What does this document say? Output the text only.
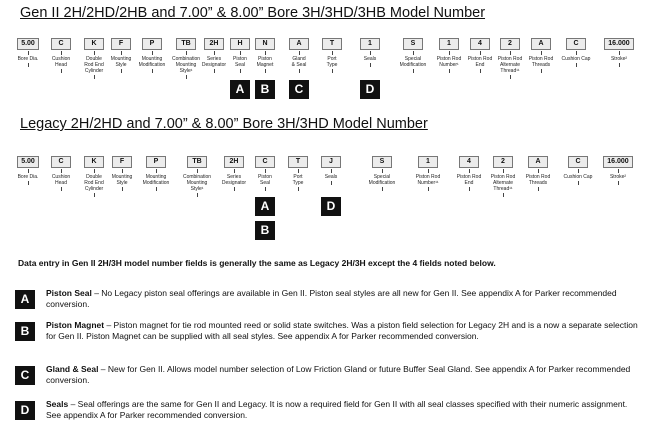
Gen II 2H/2HD/2HB and 7.00” & 8.00” Bore 3H/3HD/3HB Model Number
5.00
Bore Dia.
C
Cushion
Head
K
Double
Rod End
Cylinder
F
Mounting
Style
P
Mounting
Modification
TB
Combination
Mounting
Style¹
2H
Series
Designator
H
Piston
Seal
N
Piston
Magnet
A
Gland
& Seal
T
Port
Type
1
Seals
S
Special
Modification
1
Piston Rod
Number¹
4
Piston Rod
End
2
Piston Rod
Alternate
Thread¹¹
A
Piston Rod
Threads
C
Cushion Cap
16.000
Stroke²
A	B	C	D
Legacy 2H/2HD and 7.00” & 8.00” Bore 3H/3HD Model Number
5.00
Bore Dia.
C
Cushion
Head
K
Double
Rod End
Cylinder
F
Mounting
Style
P
Mounting
Modification
TB
Combination
Mounting
Style¹
2H
Series
Designator
C
Piston
Seal
T
Port
Type
J
Seals
S
Special
Modification
1
Piston Rod
Number¹¹
4
Piston Rod
End
2
Piston Rod
Alternate
Thread¹¹
A
Piston Rod
Threads
C
Cushion Cap
16.000
Stroke²
A	D
B
Data entry in Gen II 2H/3H model number fields is generally the same as Legacy 2H/3H except the 4 fields noted below.
A	Piston Seal – No Legacy piston seal offerings are available in Gen II. Piston seal styles are all new for Gen II. See appendix A for Parker recommended conversion.
B	Piston Magnet – Piston magnet for tie rod mounted reed or solid state switches. Was a piston field selection for Legacy 2H and is a now a separate selection for Gen II. Piston Magnet can be supplied with all seal styles. See appendix A for Parker recommended conversion.
C	Gland & Seal – New for Gen II. Allows model number selection of Low Friction Gland or future Buffer Seal Gland. See appendix A for Parker recommended conversion.
D	Seals – Seal offerings are the same for Gen II and Legacy. It is now a required field for Gen II with all seal classes specified with their numeric assignment. See appendix A for Parker recommended conversion.
